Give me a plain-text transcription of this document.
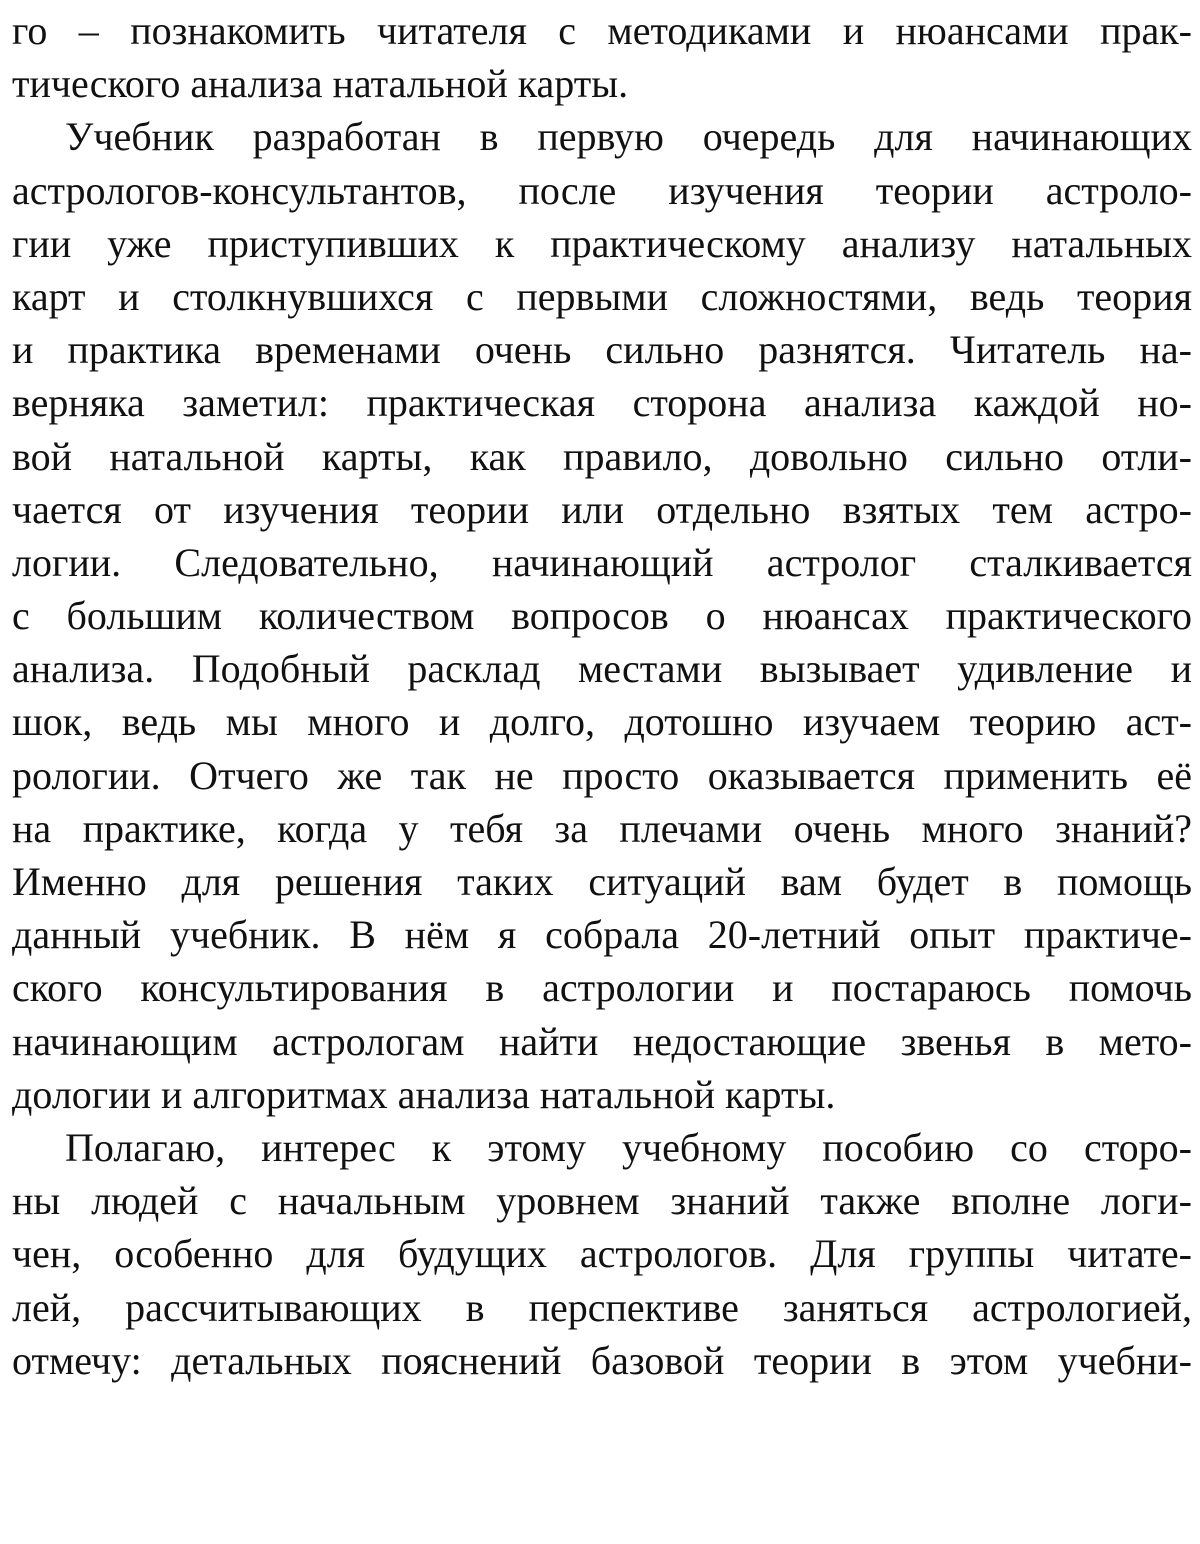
го – познакомить читателя с методиками и нюансами прак-
тического анализа натальной карты.
Учебник разработан в первую очередь для начинающих
астрологов-консультантов, после изучения теории астроло-
гии уже приступивших к практическому анализу натальных
карт и столкнувшихся с первыми сложностями, ведь теория
и практика временами очень сильно разнятся. Читатель на-
верняка заметил: практическая сторона анализа каждой но-
вой натальной карты, как правило, довольно сильно отли-
чается от изучения теории или отдельно взятых тем астро-
логии. Следовательно, начинающий астролог сталкивается
с большим количеством вопросов о нюансах практического
анализа. Подобный расклад местами вызывает удивление и
шок, ведь мы много и долго, дотошно изучаем теорию аст-
рологии. Отчего же так не просто оказывается применить её
на практике, когда у тебя за плечами очень много знаний?
Именно для решения таких ситуаций вам будет в помощь
данный учебник. В нём я собрала 20-летний опыт практиче-
ского консультирования в астрологии и постараюсь помочь
начинающим астрологам найти недостающие звенья в мето-
дологии и алгоритмах анализа натальной карты.
Полагаю, интерес к этому учебному пособию со сторо-
ны людей с начальным уровнем знаний также вполне логи-
чен, особенно для будущих астрологов. Для группы читате-
лей, рассчитывающих в перспективе заняться астрологией,
отмечу: детальных пояснений базовой теории в этом учебни-
